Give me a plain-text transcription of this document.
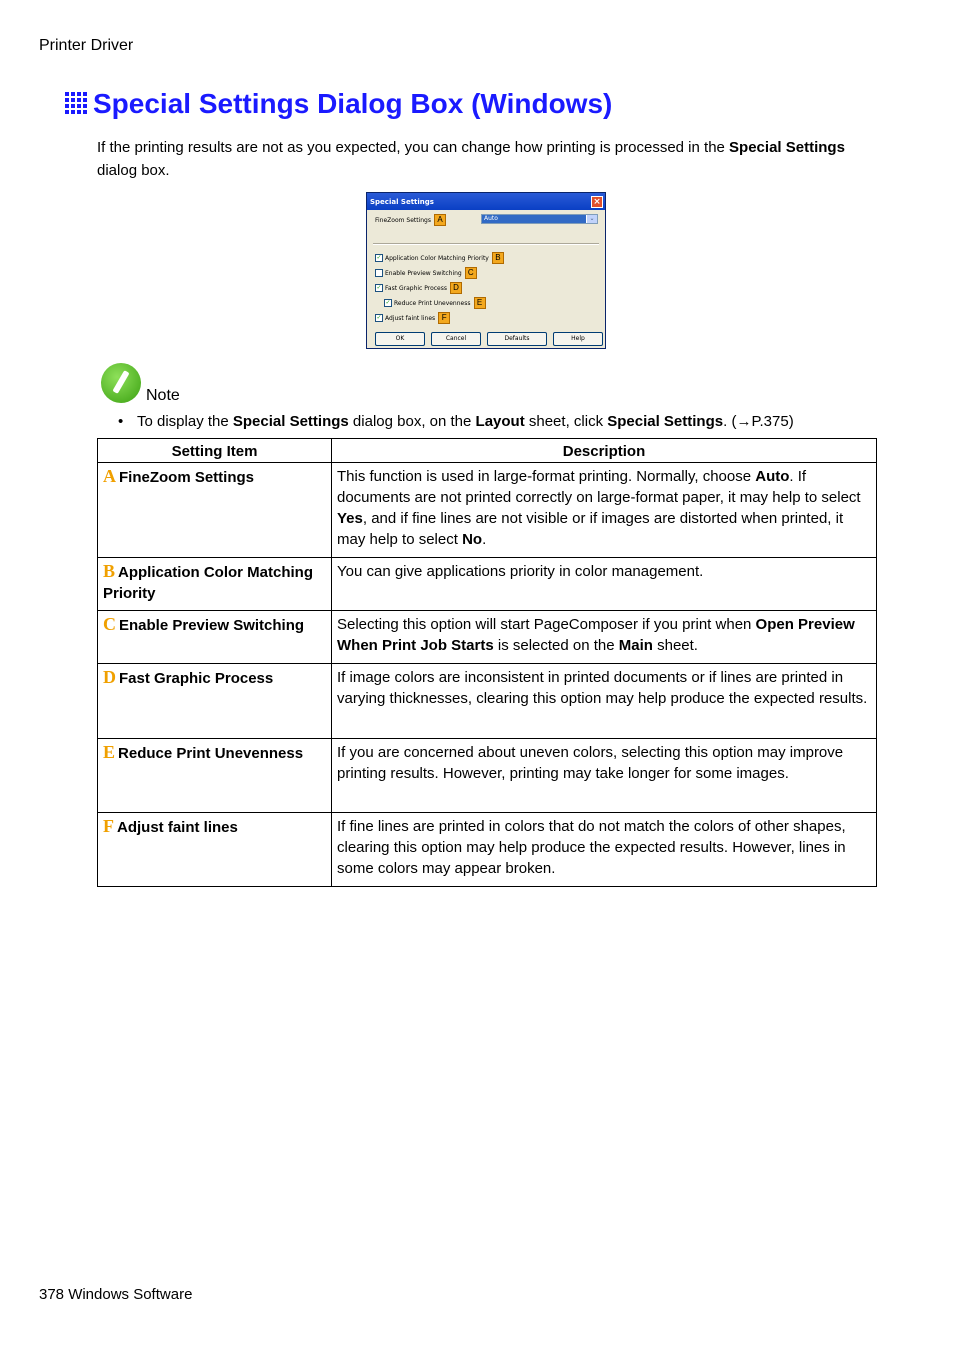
Printer Driver
Special Settings Dialog Box (Windows)
If the printing results are not as you expected, you can change how printing is processed in the Special Settings dialog box.
Special Settings	×
FineZoom Settings A	Auto	⌄
✓ Application Color Matching Priority B
Enable Preview Switching C
✓ Fast Graphic Process D
✓ Reduce Print Unevenness E
✓ Adjust faint lines F
OK	Cancel	Defaults	Help
Note
• To display the Special Settings dialog box, on the Layout sheet, click Special Settings. (→P.375)
Setting Item	Description
A FineZoom Settings	This function is used in large-format printing. Normally, choose Auto. If documents are not printed correctly on large-format paper, it may help to select Yes, and if fine lines are not visible or if images are distorted when printed, it may help to select No.
B Application Color Matching Priority	You can give applications priority in color management.
C Enable Preview Switching	Selecting this option will start PageComposer if you print when Open Preview When Print Job Starts is selected on the Main sheet.
D Fast Graphic Process	If image colors are inconsistent in printed documents or if lines are printed in varying thicknesses, clearing this option may help produce the expected results.
E Reduce Print Unevenness	If you are concerned about uneven colors, selecting this option may improve printing results. However, printing may take longer for some images.
F Adjust faint lines	If fine lines are printed in colors that do not match the colors of other shapes, clearing this option may help produce the expected results. However, lines in some colors may appear broken.
378 Windows Software
